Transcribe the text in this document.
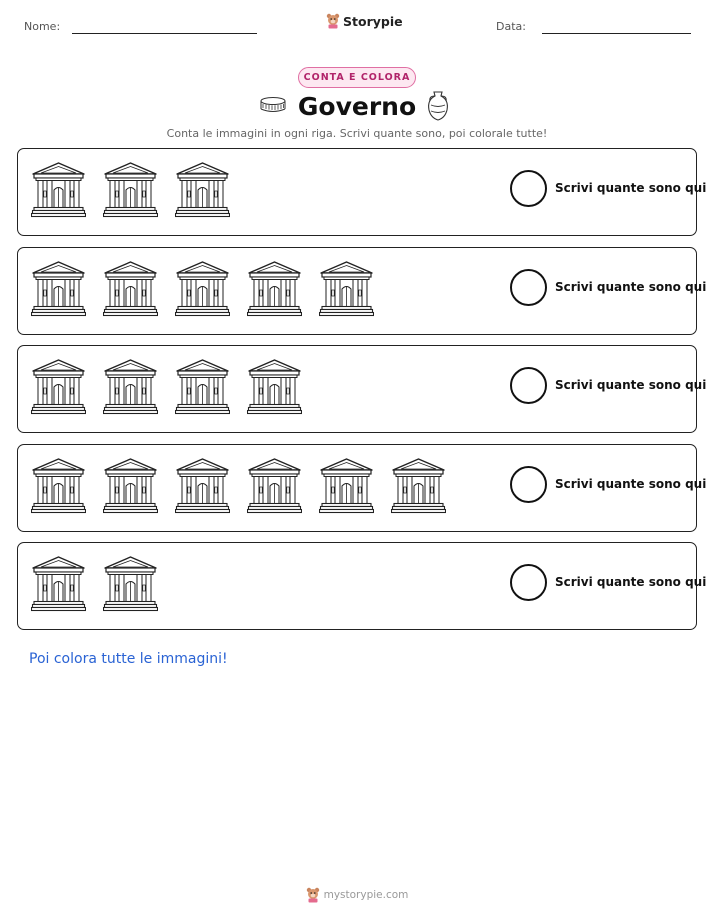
Nome:	Storypie	Data:
CONTA E COLORA
Governo
Conta le immagini in ogni riga. Scrivi quante sono, poi colorale tutte!
Scrivi quante sono qui
Scrivi quante sono qui
Scrivi quante sono qui
Scrivi quante sono qui
Scrivi quante sono qui
Poi colora tutte le immagini!
mystorypie.com
